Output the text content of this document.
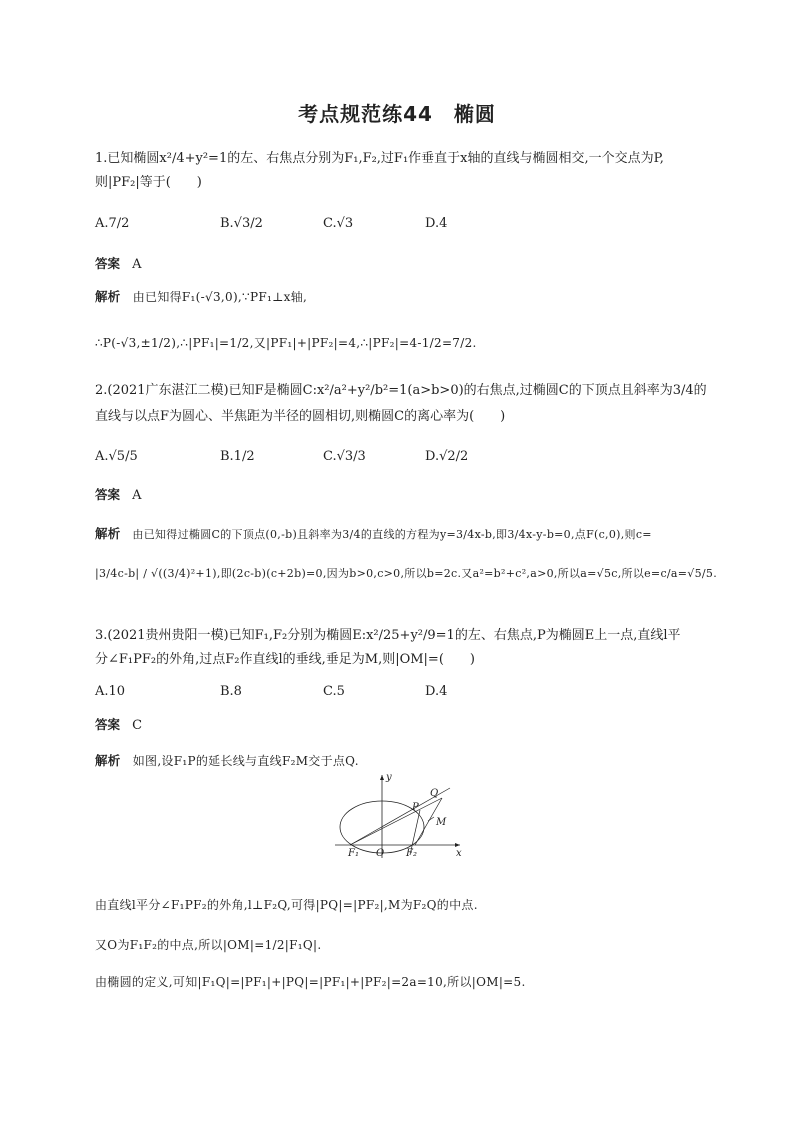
考点规范练44　椭圆
1.已知椭圆x²/4+y²=1的左、右焦点分别为F₁,F₂,过F₁作垂直于x轴的直线与椭圆相交,一个交点为P,
则|PF₂|等于(　　)
A.7/2	B.√3/2	C.√3	D.4
答案 A
解析 由已知得F₁(-√3,0),∵PF₁⊥x轴,
∴P(-√3,±1/2),∴|PF₁|=1/2,又|PF₁|+|PF₂|=4,∴|PF₂|=4-1/2=7/2.
2.(2021广东湛江二模)已知F是椭圆C:x²/a²+y²/b²=1(a>b>0)的右焦点,过椭圆C的下顶点且斜率为3/4的
直线与以点F为圆心、半焦距为半径的圆相切,则椭圆C的离心率为(　　)
A.√5/5	B.1/2	C.√3/3	D.√2/2
答案 A
解析 由已知得过椭圆C的下顶点(0,-b)且斜率为3/4的直线的方程为y=3/4x-b,即3/4x-y-b=0,点F(c,0),则c=
|3/4c-b| / √((3/4)²+1),即(2c-b)(c+2b)=0,因为b>0,c>0,所以b=2c.又a²=b²+c²,a>0,所以a=√5c,所以e=c/a=√5/5.
3.(2021贵州贵阳一模)已知F₁,F₂分别为椭圆E:x²/25+y²/9=1的左、右焦点,P为椭圆E上一点,直线l平
分∠F₁PF₂的外角,过点F₂作直线l的垂线,垂足为M,则|OM|=(　　)
A.10	B.8	C.5	D.4
答案 C
解析 如图,设F₁P的延长线与直线F₂M交于点Q.
y
x
O
F₁	F₂
P
Q
M
由直线l平分∠F₁PF₂的外角,l⊥F₂Q,可得|PQ|=|PF₂|,M为F₂Q的中点.
又O为F₁F₂的中点,所以|OM|=1/2|F₁Q|.
由椭圆的定义,可知|F₁Q|=|PF₁|+|PQ|=|PF₁|+|PF₂|=2a=10,所以|OM|=5.
